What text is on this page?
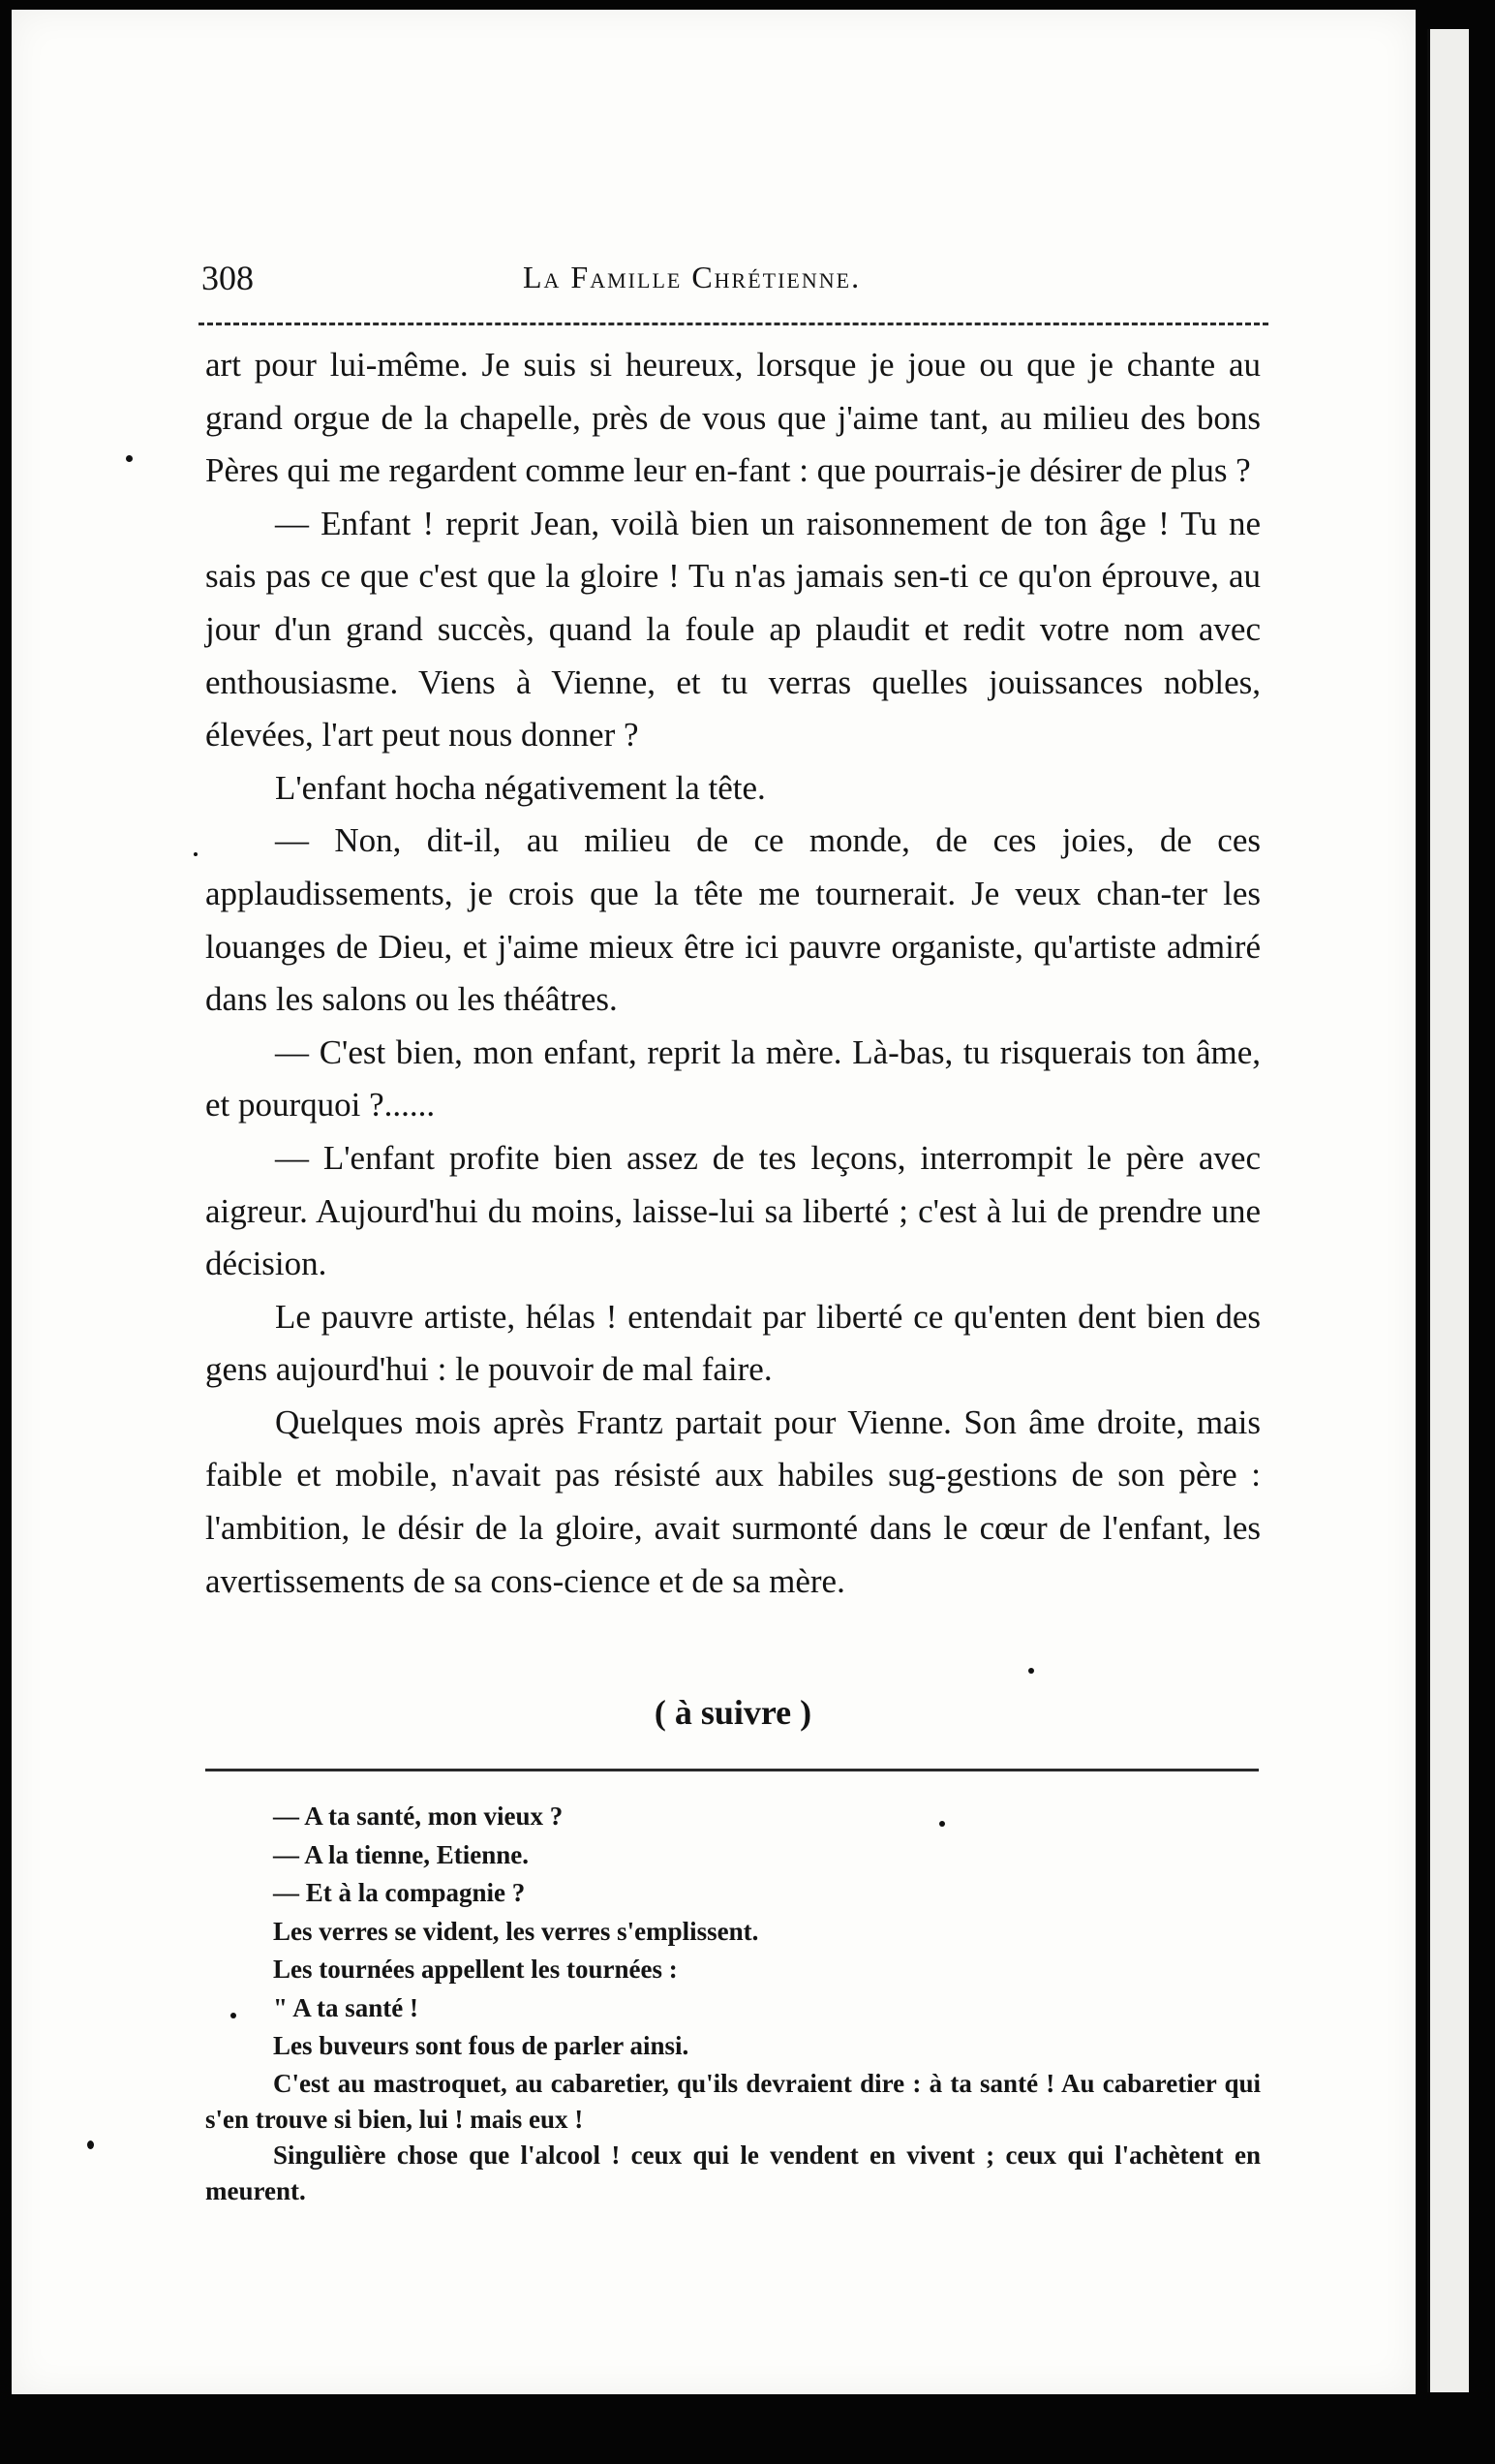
308	La Famille Chrétienne.

art pour lui-même. Je suis si heureux, lorsque je joue ou que je chante au grand orgue de la chapelle, près de vous que j'aime tant, au milieu des bons Pères qui me regardent comme leur en-fant : que pourrais-je désirer de plus ?

— Enfant ! reprit Jean, voilà bien un raisonnement de ton âge ! Tu ne sais pas ce que c'est que la gloire ! Tu n'as jamais sen-ti ce qu'on éprouve, au jour d'un grand succès, quand la foule ap plaudit et redit votre nom avec enthousiasme. Viens à Vienne, et tu verras quelles jouissances nobles, élevées, l'art peut nous donner ?

L'enfant hocha négativement la tête.

— Non, dit-il, au milieu de ce monde, de ces joies, de ces applaudissements, je crois que la tête me tournerait. Je veux chan-ter les louanges de Dieu, et j'aime mieux être ici pauvre organiste, qu'artiste admiré dans les salons ou les théâtres.

— C'est bien, mon enfant, reprit la mère. Là-bas, tu risquerais ton âme, et pourquoi ?......

— L'enfant profite bien assez de tes leçons, interrompit le père avec aigreur. Aujourd'hui du moins, laisse-lui sa liberté ; c'est à lui de prendre une décision.

Le pauvre artiste, hélas ! entendait par liberté ce qu'enten dent bien des gens aujourd'hui : le pouvoir de mal faire.

Quelques mois après Frantz partait pour Vienne. Son âme droite, mais faible et mobile, n'avait pas résisté aux habiles sug-gestions de son père : l'ambition, le désir de la gloire, avait surmonté dans le cœur de l'enfant, les avertissements de sa cons-cience et de sa mère.

( à suivre )

— A ta santé, mon vieux ?

— A la tienne, Etienne.

— Et à la compagnie ?

Les verres se vident, les verres s'emplissent.

Les tournées appellent les tournées :

" A ta santé !

Les buveurs sont fous de parler ainsi.

C'est au mastroquet, au cabaretier, qu'ils devraient dire : à ta santé ! Au cabaretier qui s'en trouve si bien, lui ! mais eux !

Singulière chose que l'alcool ! ceux qui le vendent en vivent ; ceux qui l'achètent en meurent.
